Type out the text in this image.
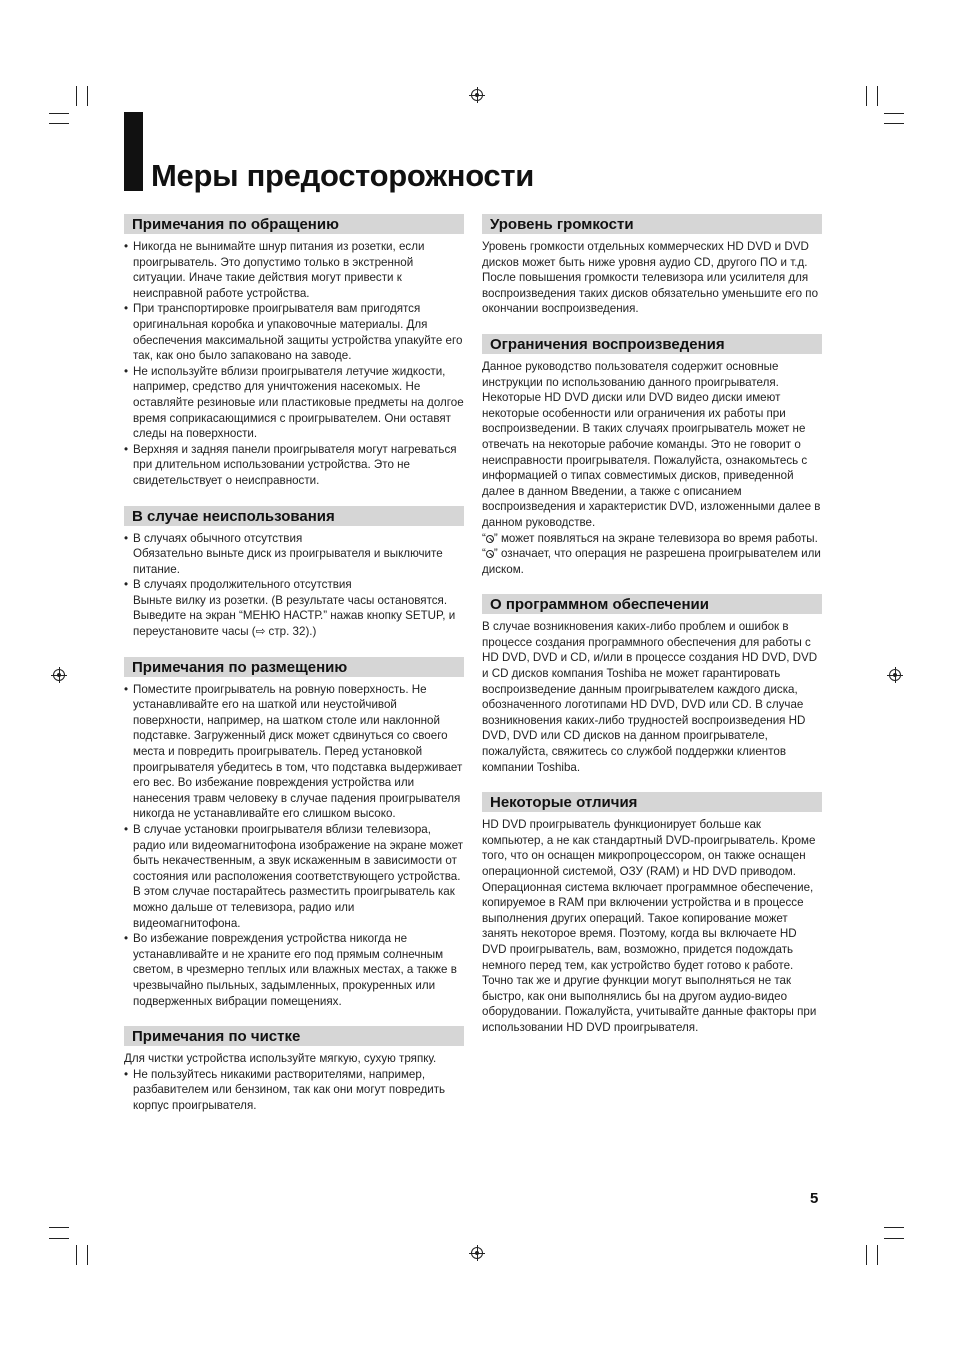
Меры предосторожности
Примечания по обращению
• Никогда не вынимайте шнур питания из розетки, если проигрыватель. Это допустимо только в экстренной ситуации. Иначе такие действия могут привести к неисправной работе устройства.
• При транспортировке проигрывателя вам пригодятся оригинальная коробка и упаковочные материалы. Для обеспечения максимальной защиты устройства упакуйте его так, как оно было запаковано на заводе.
• Не используйте вблизи проигрывателя летучие жидкости, например, средство для уничтожения насекомых. Не оставляйте резиновые или пластиковые предметы на долгое время соприкасающимися с проигрывателем. Они оставят следы на поверхности.
• Верхняя и задняя панели проигрывателя могут нагреваться при длительном использовании устройства. Это не свидетельствует о неисправности.
В случае неиспользования
• В случаях обычного отсутствия
Обязательно выньте диск из проигрывателя и выключите питание.
• В случаях продолжительного отсутствия
Выньте вилку из розетки. (В результате часы остановятся. Выведите на экран “МЕНЮ НАСТР.” нажав кнопку SETUP, и переустановите часы (⇨ стр. 32).)
Примечания по размещению
• Поместите проигрыватель на ровную поверхность. Не устанавливайте его на шаткой или неустойчивой поверхности, например, на шатком столе или наклонной подставке. Загруженный диск может сдвинуться со своего места и повредить проигрыватель. Перед установкой проигрывателя убедитесь в том, что подставка выдерживает его вес. Во избежание повреждения устройства или нанесения травм человеку в случае падения проигрывателя никогда не устанавливайте его слишком высоко.
• В случае установки проигрывателя вблизи телевизора, радио или видеомагнитофона изображение на экране может быть некачественным, а звук искаженным в зависимости от состояния или расположения соответствующего устройства. В этом случае постарайтесь разместить проигрыватель как можно дальше от телевизора, радио или видеомагнитофона.
• Во избежание повреждения устройства никогда не устанавливайте и не храните его под прямым солнечным светом, в чрезмерно теплых или влажных местах, а также в чрезвычайно пыльных, задымленных, прокуренных или подверженных вибрации помещениях.
Примечания по чистке

Для чистки устройства используйте мягкую, сухую тряпку.

• Не пользуйтесь никакими растворителями, например, разбавителем или бензином, так как они могут повредить корпус проигрывателя.
Уровень громкости

Уровень громкости отдельных коммерческих HD DVD и DVD дисков может быть ниже уровня аудио CD, другого ПО и т.д. После повышения громкости телевизора или усилителя для воспроизведения таких дисков обязательно уменьшите его по окончании воспроизведения.

Ограничения воспроизведения

Данное руководство пользователя содержит основные инструкции по использованию данного проигрывателя. Некоторые HD DVD диски или DVD видео диски имеют некоторые особенности или ограничения их работы при воспроизведении. В таких случаях проигрыватель может не отвечать на некоторые рабочие команды. Это не говорит о неисправности проигрывателя. Пожалуйста, ознакомьтесь с информацией о типах совместимых дисков, приведенной далее в данном Введении, а также с описанием воспроизведения и характеристик DVD, изложенными далее в данном руководстве.

“ ” может появляться на экране телевизора во время работы. “ ” означает, что операция не разрешена проигрывателем или диском.

О программном обеспечении

В случае возникновения каких-либо проблем и ошибок в процессе создания программного обеспечения для работы с HD DVD, DVD и CD, и/или в процессе создания HD DVD, DVD и CD дисков компания Toshiba не может гарантировать воспроизведение данным проигрывателем каждого диска, обозначенного логотипами HD DVD, DVD или CD. В случае возникновения каких-либо трудностей воспроизведения HD DVD, DVD или CD дисков на данном проигрывателе, пожалуйста, свяжитесь со службой поддержки клиентов компании Toshiba.

Некоторые отличия

HD DVD проигрыватель функционирует больше как компьютер, а не как стандартный DVD-проигрыватель. Кроме того, что он оснащен микропроцессором, он также оснащен операционной системой, ОЗУ (RAM) и HD DVD приводом. Операционная система включает программное обеспечение, копируемое в RAM при включении устройства и в процессе выполнения других операций. Такое копирование может занять некоторое время. Поэтому, когда вы включаете HD DVD проигрыватель, вам, возможно, придется подождать немного перед тем, как устройство будет готово к работе. Точно так же и другие функции могут выполняться не так быстро, как они выполнялись бы на другом аудио-видео оборудовании. Пожалуйста, учитывайте данные факторы при использовании HD DVD проигрывателя.

5
